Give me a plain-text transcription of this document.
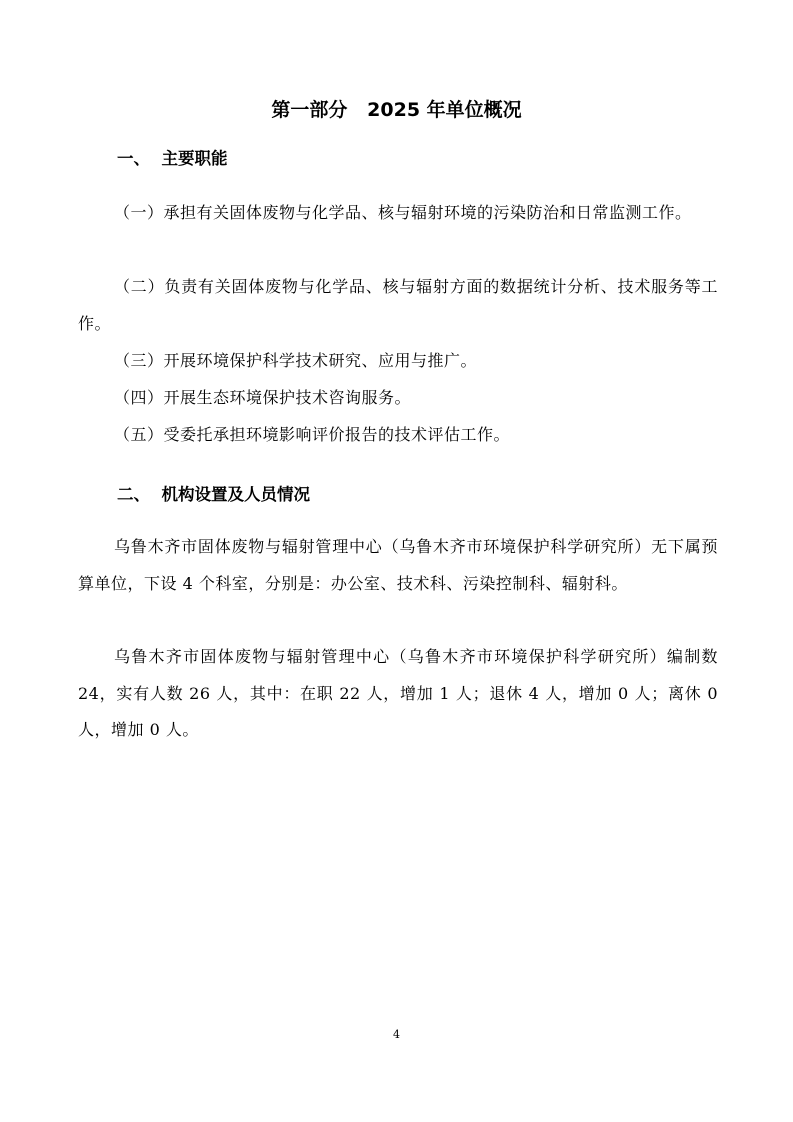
第一部分   2025 年单位概况
一、  主要职能

（一）承担有关固体废物与化学品、核与辐射环境的污染防治和日常监测工作。

（二）负责有关固体废物与化学品、核与辐射方面的数据统计分析、技术服务等工作。

（三）开展环境保护科学技术研究、应用与推广。

（四）开展生态环境保护技术咨询服务。

（五）受委托承担环境影响评价报告的技术评估工作。

二、  机构设置及人员情况

乌鲁木齐市固体废物与辐射管理中心（乌鲁木齐市环境保护科学研究所）无下属预算单位，下设 4 个科室，分别是：办公室、技术科、污染控制科、辐射科。

乌鲁木齐市固体废物与辐射管理中心（乌鲁木齐市环境保护科学研究所）编制数 24，实有人数 26 人，其中：在职 22 人，增加 1 人；退休 4 人，增加 0 人；离休 0 人，增加 0 人。

4
